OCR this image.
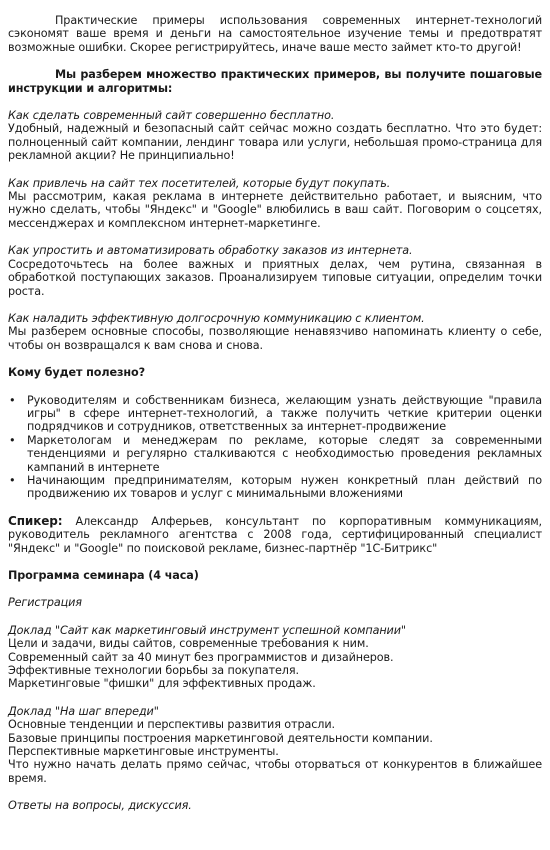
Практические примеры использования современных интернет-технологий сэкономят ваше время и деньги на самостоятельное изучение темы и предотвратят возможные ошибки. Скорее регистрируйтесь, иначе ваше место займет кто-то другой!

Мы разберем множество практических примеров, вы получите пошаговые инструкции и алгоритмы:

Как сделать современный сайт совершенно бесплатно.

Удобный, надежный и безопасный сайт сейчас можно создать бесплатно. Что это будет: полноценный сайт компании, лендинг товара или услуги, небольшая промо-страница для рекламной акции? Не принципиально!

Как привлечь на сайт тех посетителей, которые будут покупать.

Мы рассмотрим, какая реклама в интернете действительно работает, и выясним, что нужно сделать, чтобы "Яндекс" и "Google" влюбились в ваш сайт. Поговорим о соцсетях, мессенджерах и комплексном интернет-маркетинге.

Как упростить и автоматизировать обработку заказов из интернета.

Сосредоточьтесь на более важных и приятных делах, чем рутина, связанная в обработкой поступающих заказов. Проанализируем типовые ситуации, определим точки роста.

Как наладить эффективную долгосрочную коммуникацию с клиентом.

Мы разберем основные способы, позволяющие ненавязчиво напоминать клиенту о себе, чтобы он возвращался к вам снова и снова.

Кому будет полезно?

• Руководителям и собственникам бизнеса, желающим узнать действующие "правила игры" в сфере интернет-технологий, а также получить четкие критерии оценки подрядчиков и сотрудников, ответственных за интернет-продвижение
• Маркетологам и менеджерам по рекламе, которые следят за современными тенденциями и регулярно сталкиваются с необходимостью проведения рекламных кампаний в интернете
• Начинающим предпринимателям, которым нужен конкретный план действий по продвижению их товаров и услуг с минимальными вложениями

Спикер: Александр Алферьев, консультант по корпоративным коммуникациям, руководитель рекламного агентства с 2008 года, сертифицированный специалист "Яндекс" и "Google" по поисковой рекламе, бизнес-партнёр "1С-Битрикс"

Программа семинара (4 часа)

Регистрация

Доклад "Сайт как маркетинговый инструмент успешной компании"

Цели и задачи, виды сайтов, современные требования к ним.

Современный сайт за 40 минут без программистов и дизайнеров.

Эффективные технологии борьбы за покупателя.

Маркетинговые "фишки" для эффективных продаж.

Доклад "На шаг впереди"

Основные тенденции и перспективы развития отрасли.

Базовые принципы построения маркетинговой деятельности компании.

Перспективные маркетинговые инструменты.

Что нужно начать делать прямо сейчас, чтобы оторваться от конкурентов в ближайшее время.

Ответы на вопросы, дискуссия.
